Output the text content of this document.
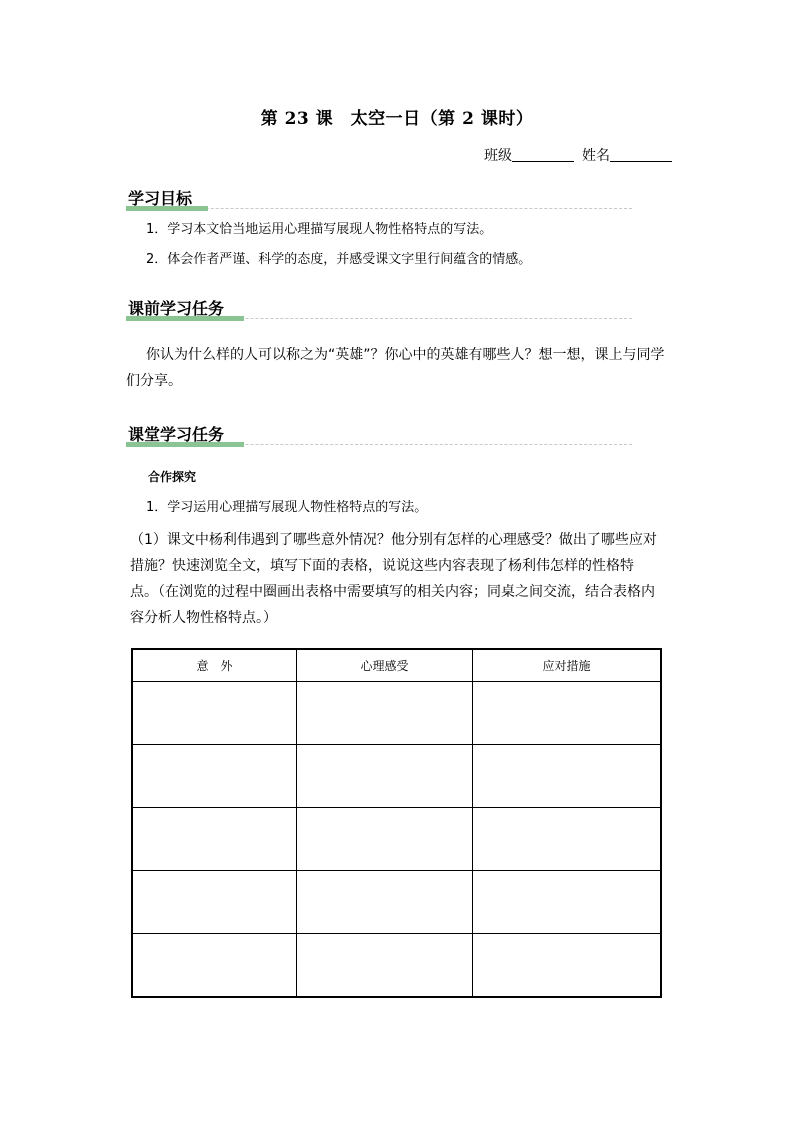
第 23 课　太空一日（第 2 课时）
班级	姓名
学习目标
1．学习本文恰当地运用心理描写展现人物性格特点的写法。
2．体会作者严谨、科学的态度，并感受课文字里行间蕴含的情感。
课前学习任务
你认为什么样的人可以称之为“英雄”？你心中的英雄有哪些人？想一想，课上与同学们分享。
课堂学习任务
合作探究
1．学习运用心理描写展现人物性格特点的写法。
（1）课文中杨利伟遇到了哪些意外情况？他分别有怎样的心理感受？做出了哪些应对措施？快速浏览全文，填写下面的表格，说说这些内容表现了杨利伟怎样的性格特点。（在浏览的过程中圈画出表格中需要填写的相关内容；同桌之间交流，结合表格内容分析人物性格特点。）
意　外	心理感受	应对措施
